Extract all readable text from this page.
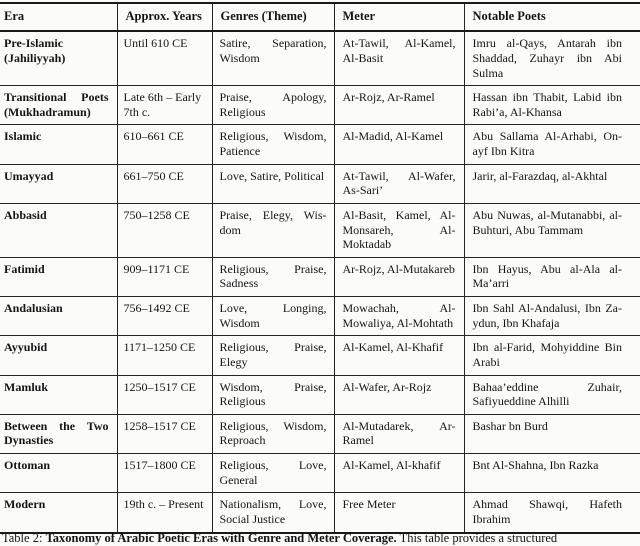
Era	Approx. Years	Genres (Theme)	Meter	Notable Poets
Pre-Islamic (Jahiliyyah)	Until 610 CE	Satire, Separation, Wisdom	At-Tawil, Al-Kamel, Al-Basit	Imru al-Qays, Antarah ibn Shaddad, Zuhayr ibn Abi Sulma
Transitional Poets (Mukhadramun)	Late 6th – Early 7th c.	Praise, Apology, Religious	Ar-Rojz, Ar-Ramel	Hassan ibn Thabit, Labid ibn Rabi’a, Al-Khansa
Islamic	610–661 CE	Religious, Wisdom, Patience	Al-Madid, Al-Kamel	Abu Sallama Al-Arhabi, Onayf Ibn Kitra
Umayyad	661–750 CE	Love, Satire, Political	At-Tawil, Al-Wafer, As-Sari’	Jarir, al-Farazdaq, al-Akhtal
Abbasid	750–1258 CE	Praise, Elegy, Wisdom	Al-Basit, Kamel, Al-Monsareh, Al-Moktadab	Abu Nuwas, al-Mutanabbi, al-Buhturi, Abu Tammam
Fatimid	909–1171 CE	Religious, Praise, Sadness	Ar-Rojz, Al-Mutakareb	Ibn Hayus, Abu al-Ala al-Ma’arri
Andalusian	756–1492 CE	Love, Longing, Wisdom	Mowachah, Al-Mowaliya, Al-Mohtath	Ibn Sahl Al-Andalusi, Ibn Zaydun, Ibn Khafaja
Ayyubid	1171–1250 CE	Religious, Praise, Elegy	Al-Kamel, Al-Khafif	Ibn al-Farid, Mohyiddine Bin Arabi
Mamluk	1250–1517 CE	Wisdom, Praise, Religious	Al-Wafer, Ar-Rojz	Bahaa’eddine Zuhair, Safiyueddine Alhilli
Between the Two Dynasties	1258–1517 CE	Religious, Wisdom, Reproach	Al-Mutadarek, Ar-Ramel	Bashar bn Burd
Ottoman	1517–1800 CE	Religious, Love, General	Al-Kamel, Al-khafif	Bnt Al-Shahna, Ibn Razka
Modern	19th c. – Present	Nationalism, Love, Social Justice	Free Meter	Ahmad Shawqi, Hafeth Ibrahim
Table 2: Taxonomy of Arabic Poetic Eras with Genre and Meter Coverage. This table provides a structured
